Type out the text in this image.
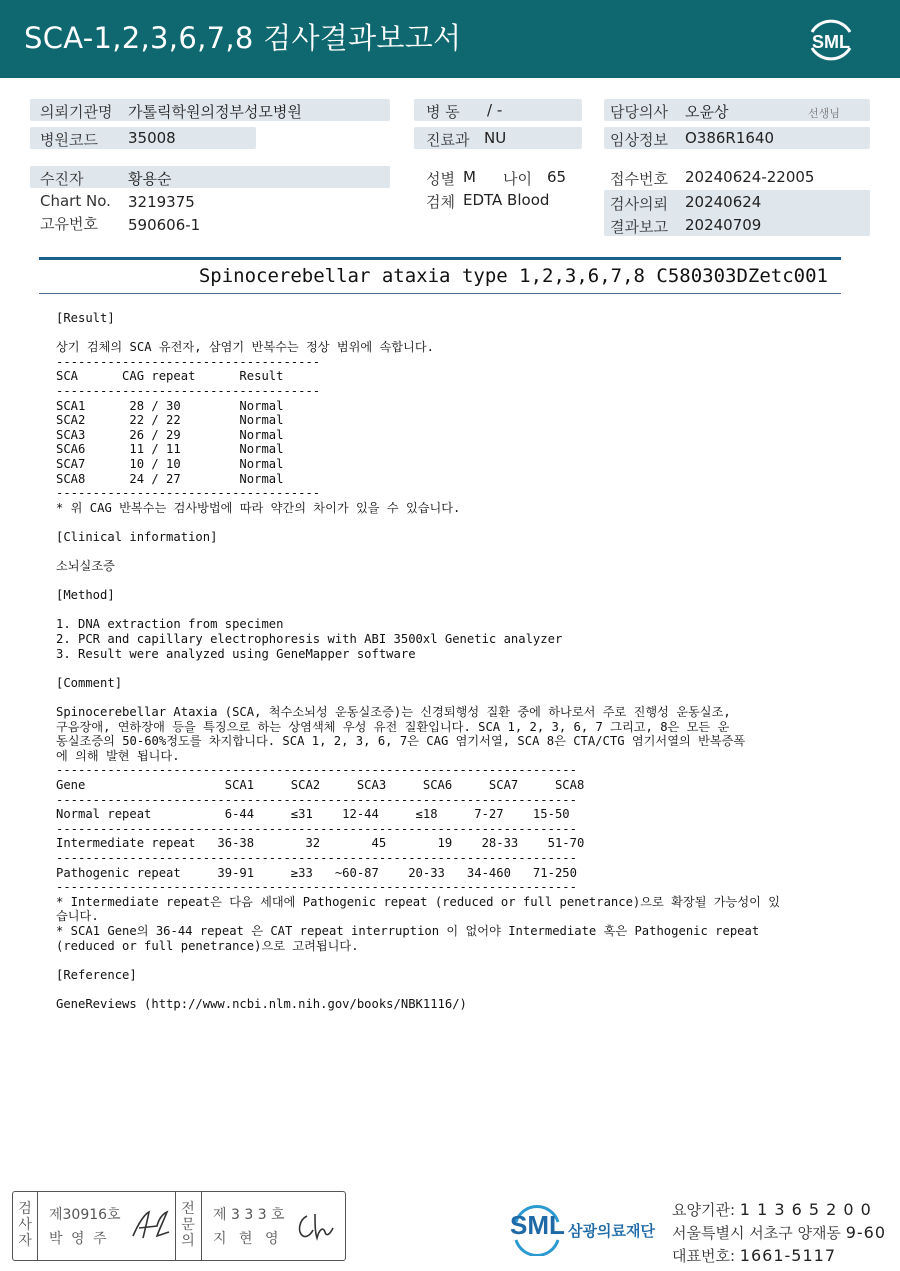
SCA-1,2,3,6,7,8 검사결과보고서	SML
의뢰기관명 가톨릭학원의정부성모병원
병원코드 35008
병 동 / -
진료과 NU
담당의사 오윤상	선생님
임상정보 O386R1640
수진자	황용순
Chart No. 3219375
고유번호 590606-1
성별 M 나이 65
검체 EDTA Blood
접수번호 20240624-22005
검사의뢰 20240624
결과보고 20240709
Spinocerebellar ataxia type 1,2,3,6,7,8 C580303DZetc001
[Result]

상기 검체의 SCA 유전자, 삼염기 반복수는 정상 범위에 속합니다.
------------------------------------
SCA      CAG repeat      Result
------------------------------------
SCA1      28 / 30        Normal
SCA2      22 / 22        Normal
SCA3      26 / 29        Normal
SCA6      11 / 11        Normal
SCA7      10 / 10        Normal
SCA8      24 / 27        Normal
------------------------------------
* 위 CAG 반복수는 검사방법에 따라 약간의 차이가 있을 수 있습니다.

[Clinical information]

소뇌실조증

[Method]

1. DNA extraction from specimen
2. PCR and capillary electrophoresis with ABI 3500xl Genetic analyzer
3. Result were analyzed using GeneMapper software

[Comment]

Spinocerebellar Ataxia (SCA, 척수소뇌성 운동실조증)는 신경퇴행성 질환 중에 하나로서 주로 진행성 운동실조,
구음장애, 연하장애 등을 특징으로 하는 상염색체 우성 유전 질환입니다. SCA 1, 2, 3, 6, 7 그리고, 8은 모든 운
동실조증의 50-60%정도를 차지합니다. SCA 1, 2, 3, 6, 7은 CAG 염기서열, SCA 8은 CTA/CTG 염기서열의 반복증폭
에 의해 발현 됩니다.
-----------------------------------------------------------------------
Gene                   SCA1     SCA2     SCA3     SCA6     SCA7     SCA8
-----------------------------------------------------------------------
Normal repeat          6-44     ≤31    12-44     ≤18     7-27    15-50
-----------------------------------------------------------------------
Intermediate repeat   36-38       32       45       19    28-33    51-70
-----------------------------------------------------------------------
Pathogenic repeat     39-91     ≥33   ~60-87    20-33   34-460   71-250
-----------------------------------------------------------------------
* Intermediate repeat은 다음 세대에 Pathogenic repeat (reduced or full penetrance)으로 확장될 가능성이 있
습니다.
* SCA1 Gene의 36-44 repeat 은 CAT repeat interruption 이 없어야 Intermediate 혹은 Pathogenic repeat
(reduced or full penetrance)으로 고려됩니다.

[Reference]

GeneReviews (http://www.ncbi.nlm.nih.gov/books/NBK1116/)
검
사
자
제30916호
박 영 주
전
문
의
제 3 3 3 호
지 현 영	SML 삼광의료재단
요양기관: 1 1 3 6 5 2 0 0
서울특별시 서초구 양재동 9-60
대표번호: 1661-5117
